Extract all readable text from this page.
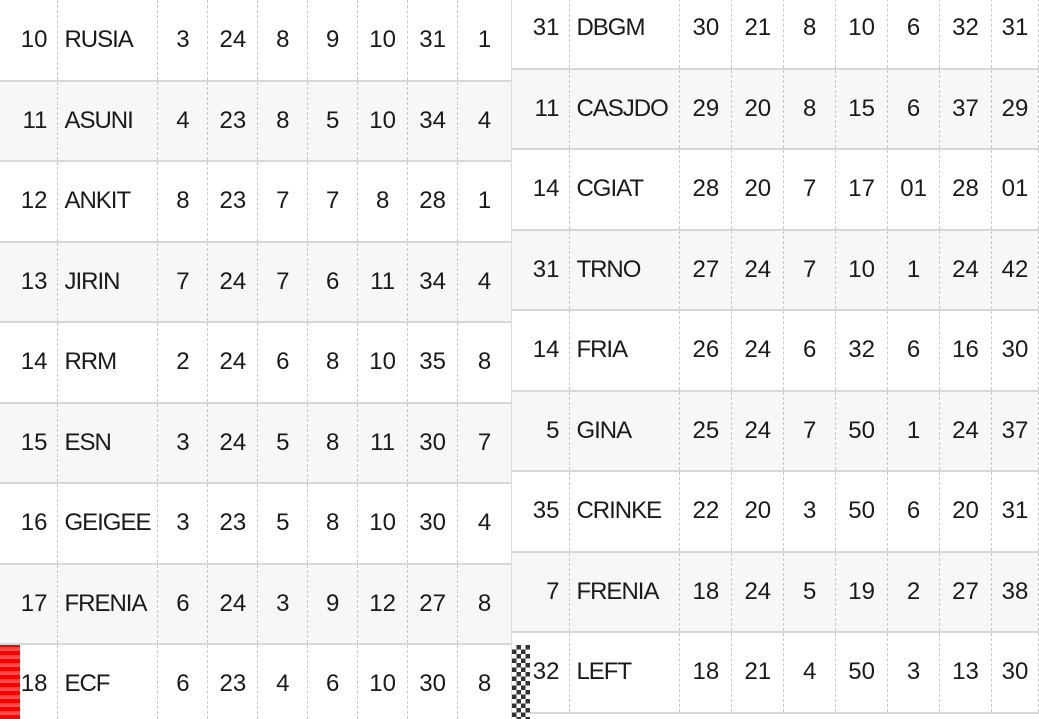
10	RUSIA	3	24	8	9	10	31	1
11	ASUNI	4	23	8	5	10	34	4
12	ANKIT	8	23	7	7	8	28	1
13	JIRIN	7	24	7	6	11	34	4
14	RRM	2	24	6	8	10	35	8
15	ESN	3	24	5	8	11	30	7
16	GEIGEE	3	23	5	8	10	30	4
17	FRENIA	6	24	3	9	12	27	8
18	ECF	6	23	4	6	10	30	8
31	DBGM	30	21	8	10	6	32	31
11	CASJDO	29	20	8	15	6	37	29
14	CGIAT	28	20	7	17	01	28	01
31	TRNO	27	24	7	10	1	24	42
14	FRIA	26	24	6	32	6	16	30
5	GINA	25	24	7	50	1	24	37
35	CRINKE	22	20	3	50	6	20	31
7	FRENIA	18	24	5	19	2	27	38
32	LEFT	18	21	4	50	3	13	30
